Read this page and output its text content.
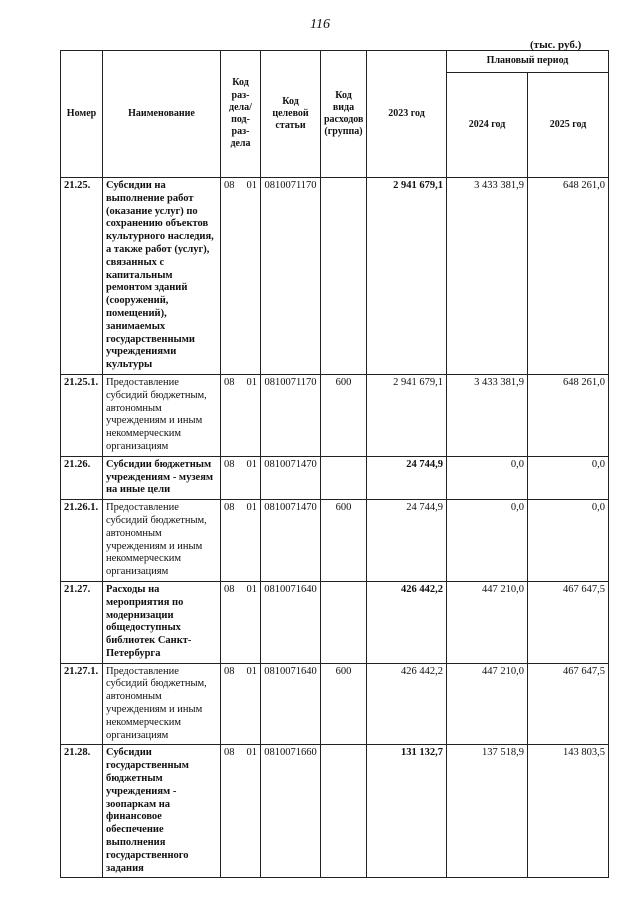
116
(тыс. руб.)
Номер	Наименование	Код раз- дела/ под- раз- дела	Код целевой статьи	Код вида расходов (группа)	2023 год	Плановый период	
						2024 год	2025 год
21.25.	Субсидии на выполнение работ (оказание услуг) по сохранению объектов культурного наследия, а также работ (услуг), связанных с капитальным ремонтом зданий (сооружений, помещений), занимаемых государственными учреждениями культуры	08 01	0810071170		2 941 679,1	3 433 381,9	648 261,0
21.25.1.	Предоставление субсидий бюджетным, автономным учреждениям и иным некоммерческим организациям	08 01	0810071170	600	2 941 679,1	3 433 381,9	648 261,0
21.26.	Субсидии бюджетным учреждениям - музеям на иные цели	08 01	0810071470		24 744,9	0,0	0,0
21.26.1.	Предоставление субсидий бюджетным, автономным учреждениям и иным некоммерческим организациям	08 01	0810071470	600	24 744,9	0,0	0,0
21.27.	Расходы на мероприятия по модернизации общедоступных библиотек Санкт-Петербурга	08 01	0810071640		426 442,2	447 210,0	467 647,5
21.27.1.	Предоставление субсидий бюджетным, автономным учреждениям и иным некоммерческим организациям	08 01	0810071640	600	426 442,2	447 210,0	467 647,5
21.28.	Субсидии государственным бюджетным учреждениям - зоопаркам на финансовое обеспечение выполнения государственного задания	08 01	0810071660		131 132,7	137 518,9	143 803,5
